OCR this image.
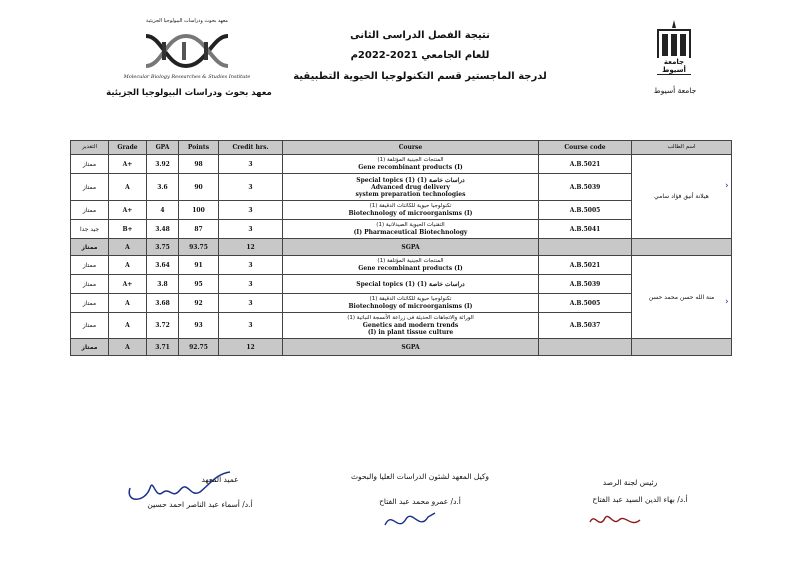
معهد بحوث ودراسات البيولوجيا الجزيئية
Molecular Biology Researches & Studies Institute
معهد بحوث ودراسات البيولوجيا الجزيئية
نتيجة الفصل الدراسى الثانى
للعام الجامعي 2021-2022م
لدرجة الماجستير قسم التكنولوجيا الحيوية التطبيقية
جامعة أسيوط
جامعة أسيوط
التقدير	Grade	GPA	Points	Credit hrs.	Course	Course code	اسم الطالب
ممتاز	A+	3.92	98	3	المنتجات الجينية المؤتلفة (1)
Gene recombinant products (I)	A.B.5021	هيلانة أنيق فؤاد سامي
ممتاز	A	3.6	90	3	Special topics (1) دراسات خاصة (1)
Advanced drug delivery
system preparation technologies	A.B.5039	
ممتاز	A+	4	100	3	تكنولوجيا حيوية للكائنات الدقيقة (1)
Biotechnology of microorganisms (I)	A.B.5005	
جيد جدا	B+	3.48	87	3	التقنيات الحيوية الصيدلانية (1)
(I) Pharmaceutical Biotechnology	A.B.5041	
ممتاز	A	3.75	93.75	12	SGPA		
ممتاز	A	3.64	91	3	المنتجات الجينية المؤتلفة (1)
Gene recombinant products (I)	A.B.5021	منة الله حسن محمد حسن
ممتاز	A+	3.8	95	3	Special topics (1) دراسات خاصة (1)	A.B.5039	
ممتاز	A	3.68	92	3	تكنولوجيا حيوية للكائنات الدقيقة (1)
Biotechnology of microorganisms (I)	A.B.5005	
ممتاز	A	3.72	93	3	الوراثة والاتجاهات الحديثة فى زراعة الأنسجة النباتية (1)
Genetics and modern trends
(I) in plant tissue culture	A.B.5037	
ممتاز	A	3.71	92.75	12	SGPA		
›
›
عميد المعهد
أ.د/ أسماء عبد الناصر احمد حسين
وكيل المعهد لشئون الدراسات العليا والبحوث
أ.د/ عمرو محمد عبد الفتاح
رئيس لجنة الرصد
أ.د/ بهاء الدين السيد عبد الفتاح
